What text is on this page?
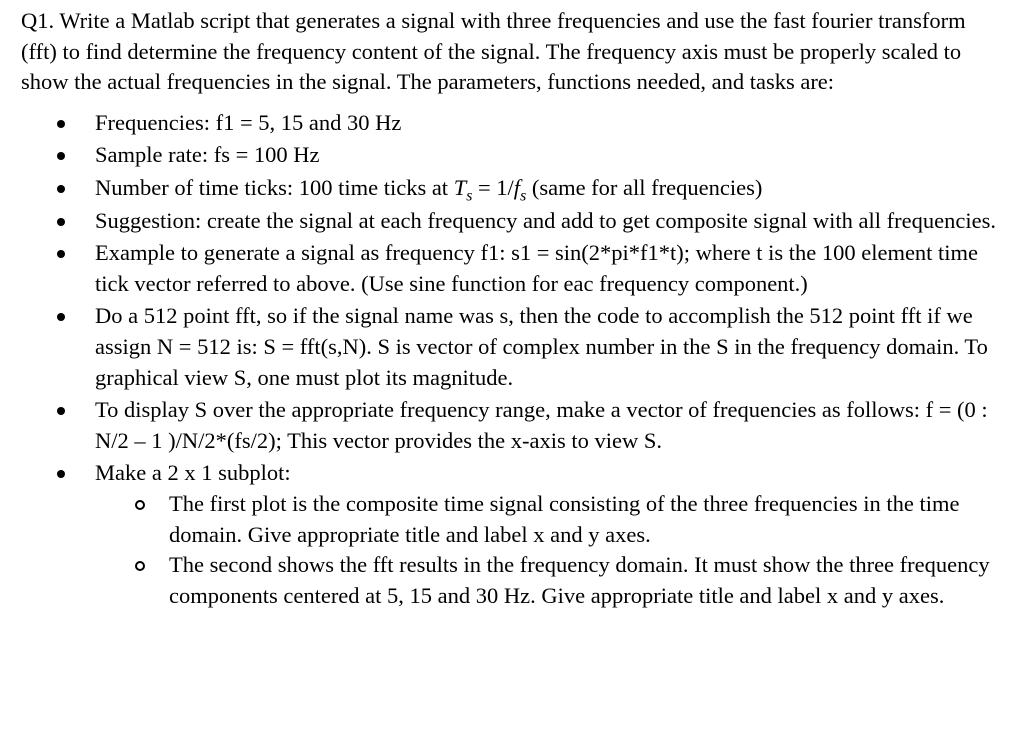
Q1. Write a Matlab script that generates a signal with three frequencies and use the fast fourier transform (fft) to find determine the frequency content of the signal. The frequency axis must be properly scaled to show the actual frequencies in the signal. The parameters, functions needed, and tasks are:

Frequencies: f1 = 5, 15 and 30 Hz
Sample rate: fs = 100 Hz
Number of time ticks: 100 time ticks at $T_s = 1/f_s$ (same for all frequencies)
Suggestion: create the signal at each frequency and add to get composite signal with all frequencies.
Example to generate a signal as frequency f1: s1 = sin(2*pi*f1*t); where t is the 100 element time tick vector referred to above. (Use sine function for eac frequency component.)
Do a 512 point fft, so if the signal name was s, then the code to accomplish the 512 point fft if we assign N = 512 is: S = fft(s,N). S is vector of complex number in the S in the frequency domain. To graphical view S, one must plot its magnitude.
To display S over the appropriate frequency range, make a vector of frequencies as follows: f = (0 : N/2 – 1 )/N/2*(fs/2); This vector provides the x-axis to view S.
Make a 2 x 1 subplot:
The first plot is the composite time signal consisting of the three frequencies in the time domain. Give appropriate title and label x and y axes.
The second shows the fft results in the frequency domain. It must show the three frequency components centered at 5, 15 and 30 Hz. Give appropriate title and label x and y axes.
